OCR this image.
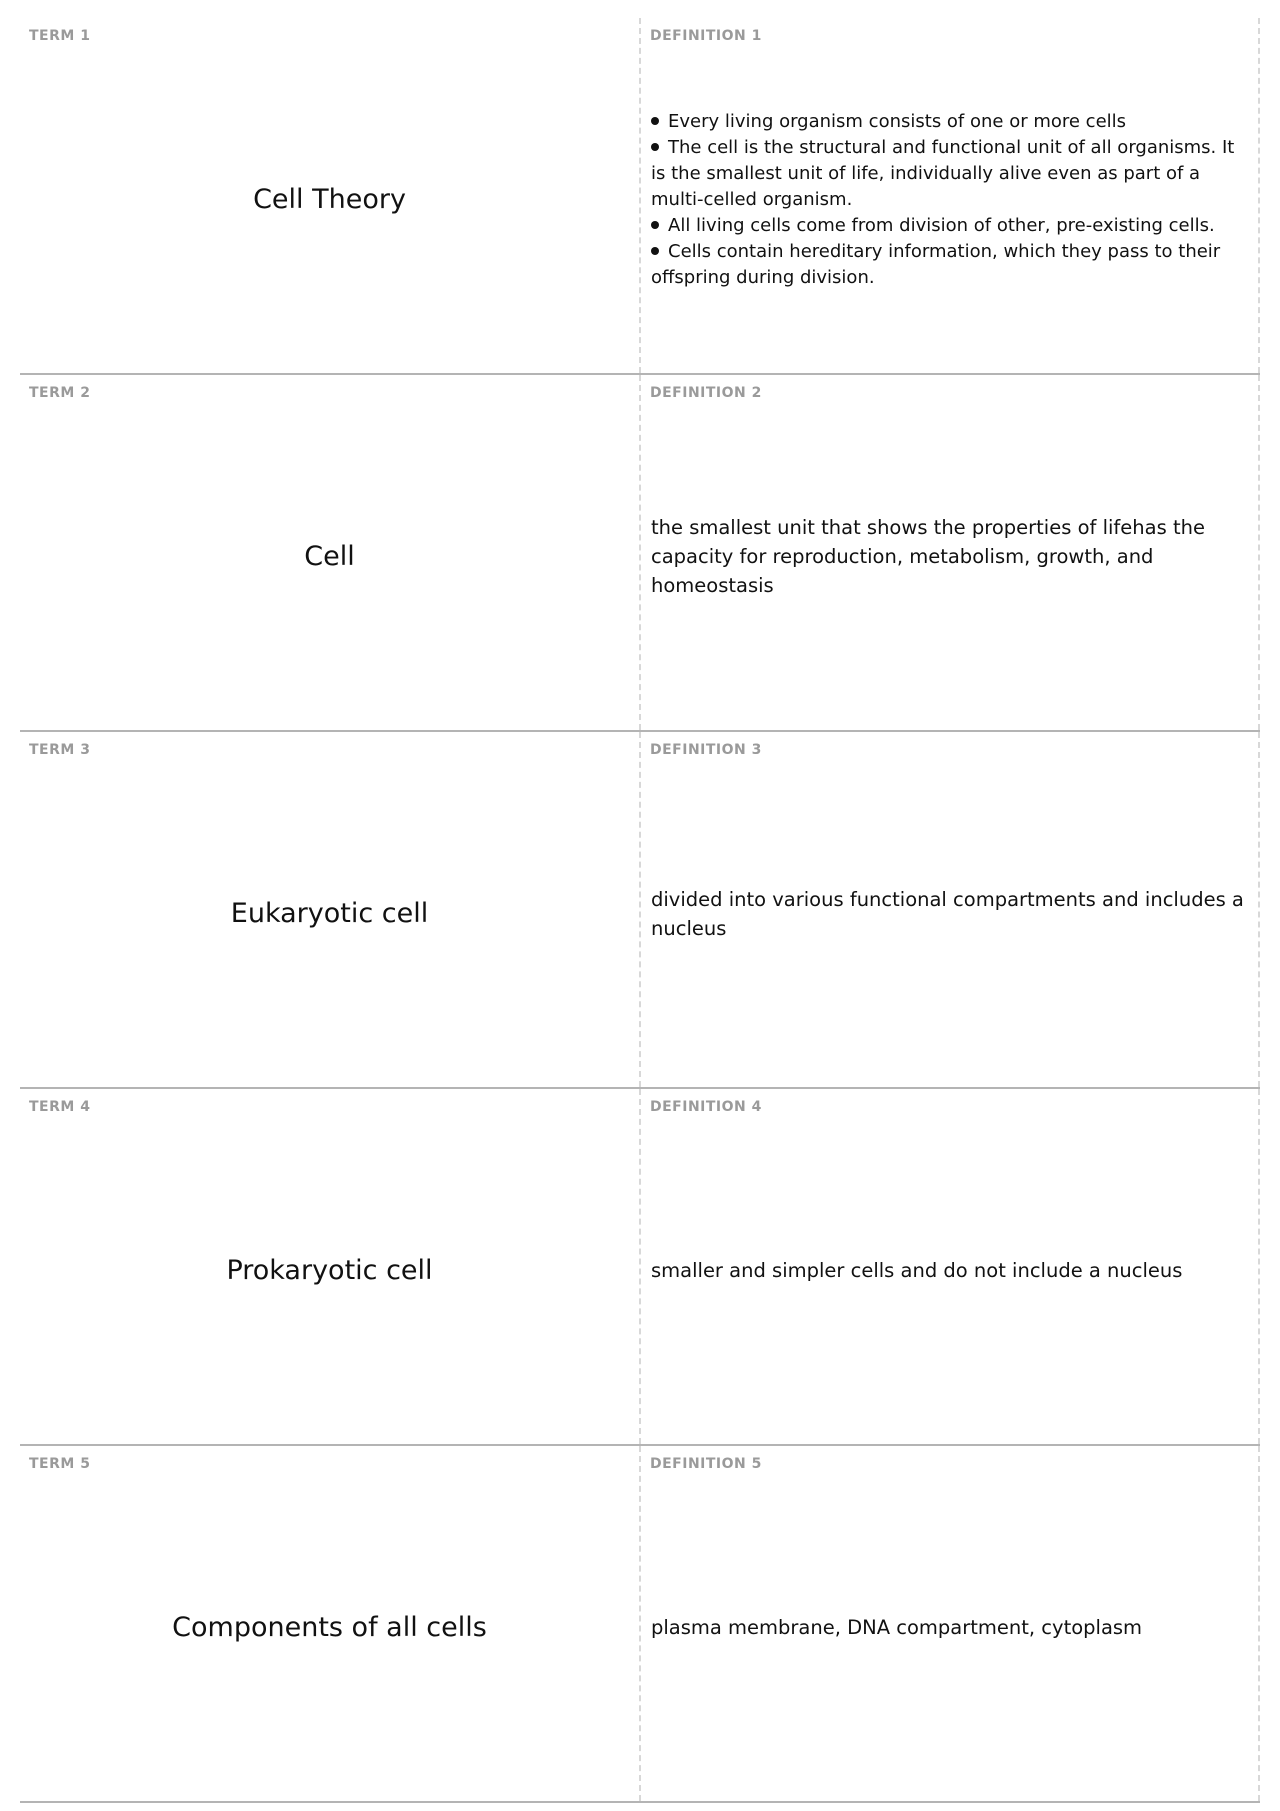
TERM 1
Cell Theory
DEFINITION 1
Every living organism consists of one or more cells
The cell is the structural and functional unit of all organisms. It is the smallest unit of life, individually alive even as part of a multi-celled organism.
All living cells come from division of other, pre-existing cells.
Cells contain hereditary information, which they pass to their offspring during division.
TERM 2
Cell
DEFINITION 2
the smallest unit that shows the properties of lifehas the capacity for reproduction, metabolism, growth, and homeostasis
TERM 3
Eukaryotic cell
DEFINITION 3
divided into various functional compartments and includes a nucleus
TERM 4
Prokaryotic cell
DEFINITION 4
smaller and simpler cells and do not include a nucleus
TERM 5
Components of all cells
DEFINITION 5
plasma membrane, DNA compartment, cytoplasm
